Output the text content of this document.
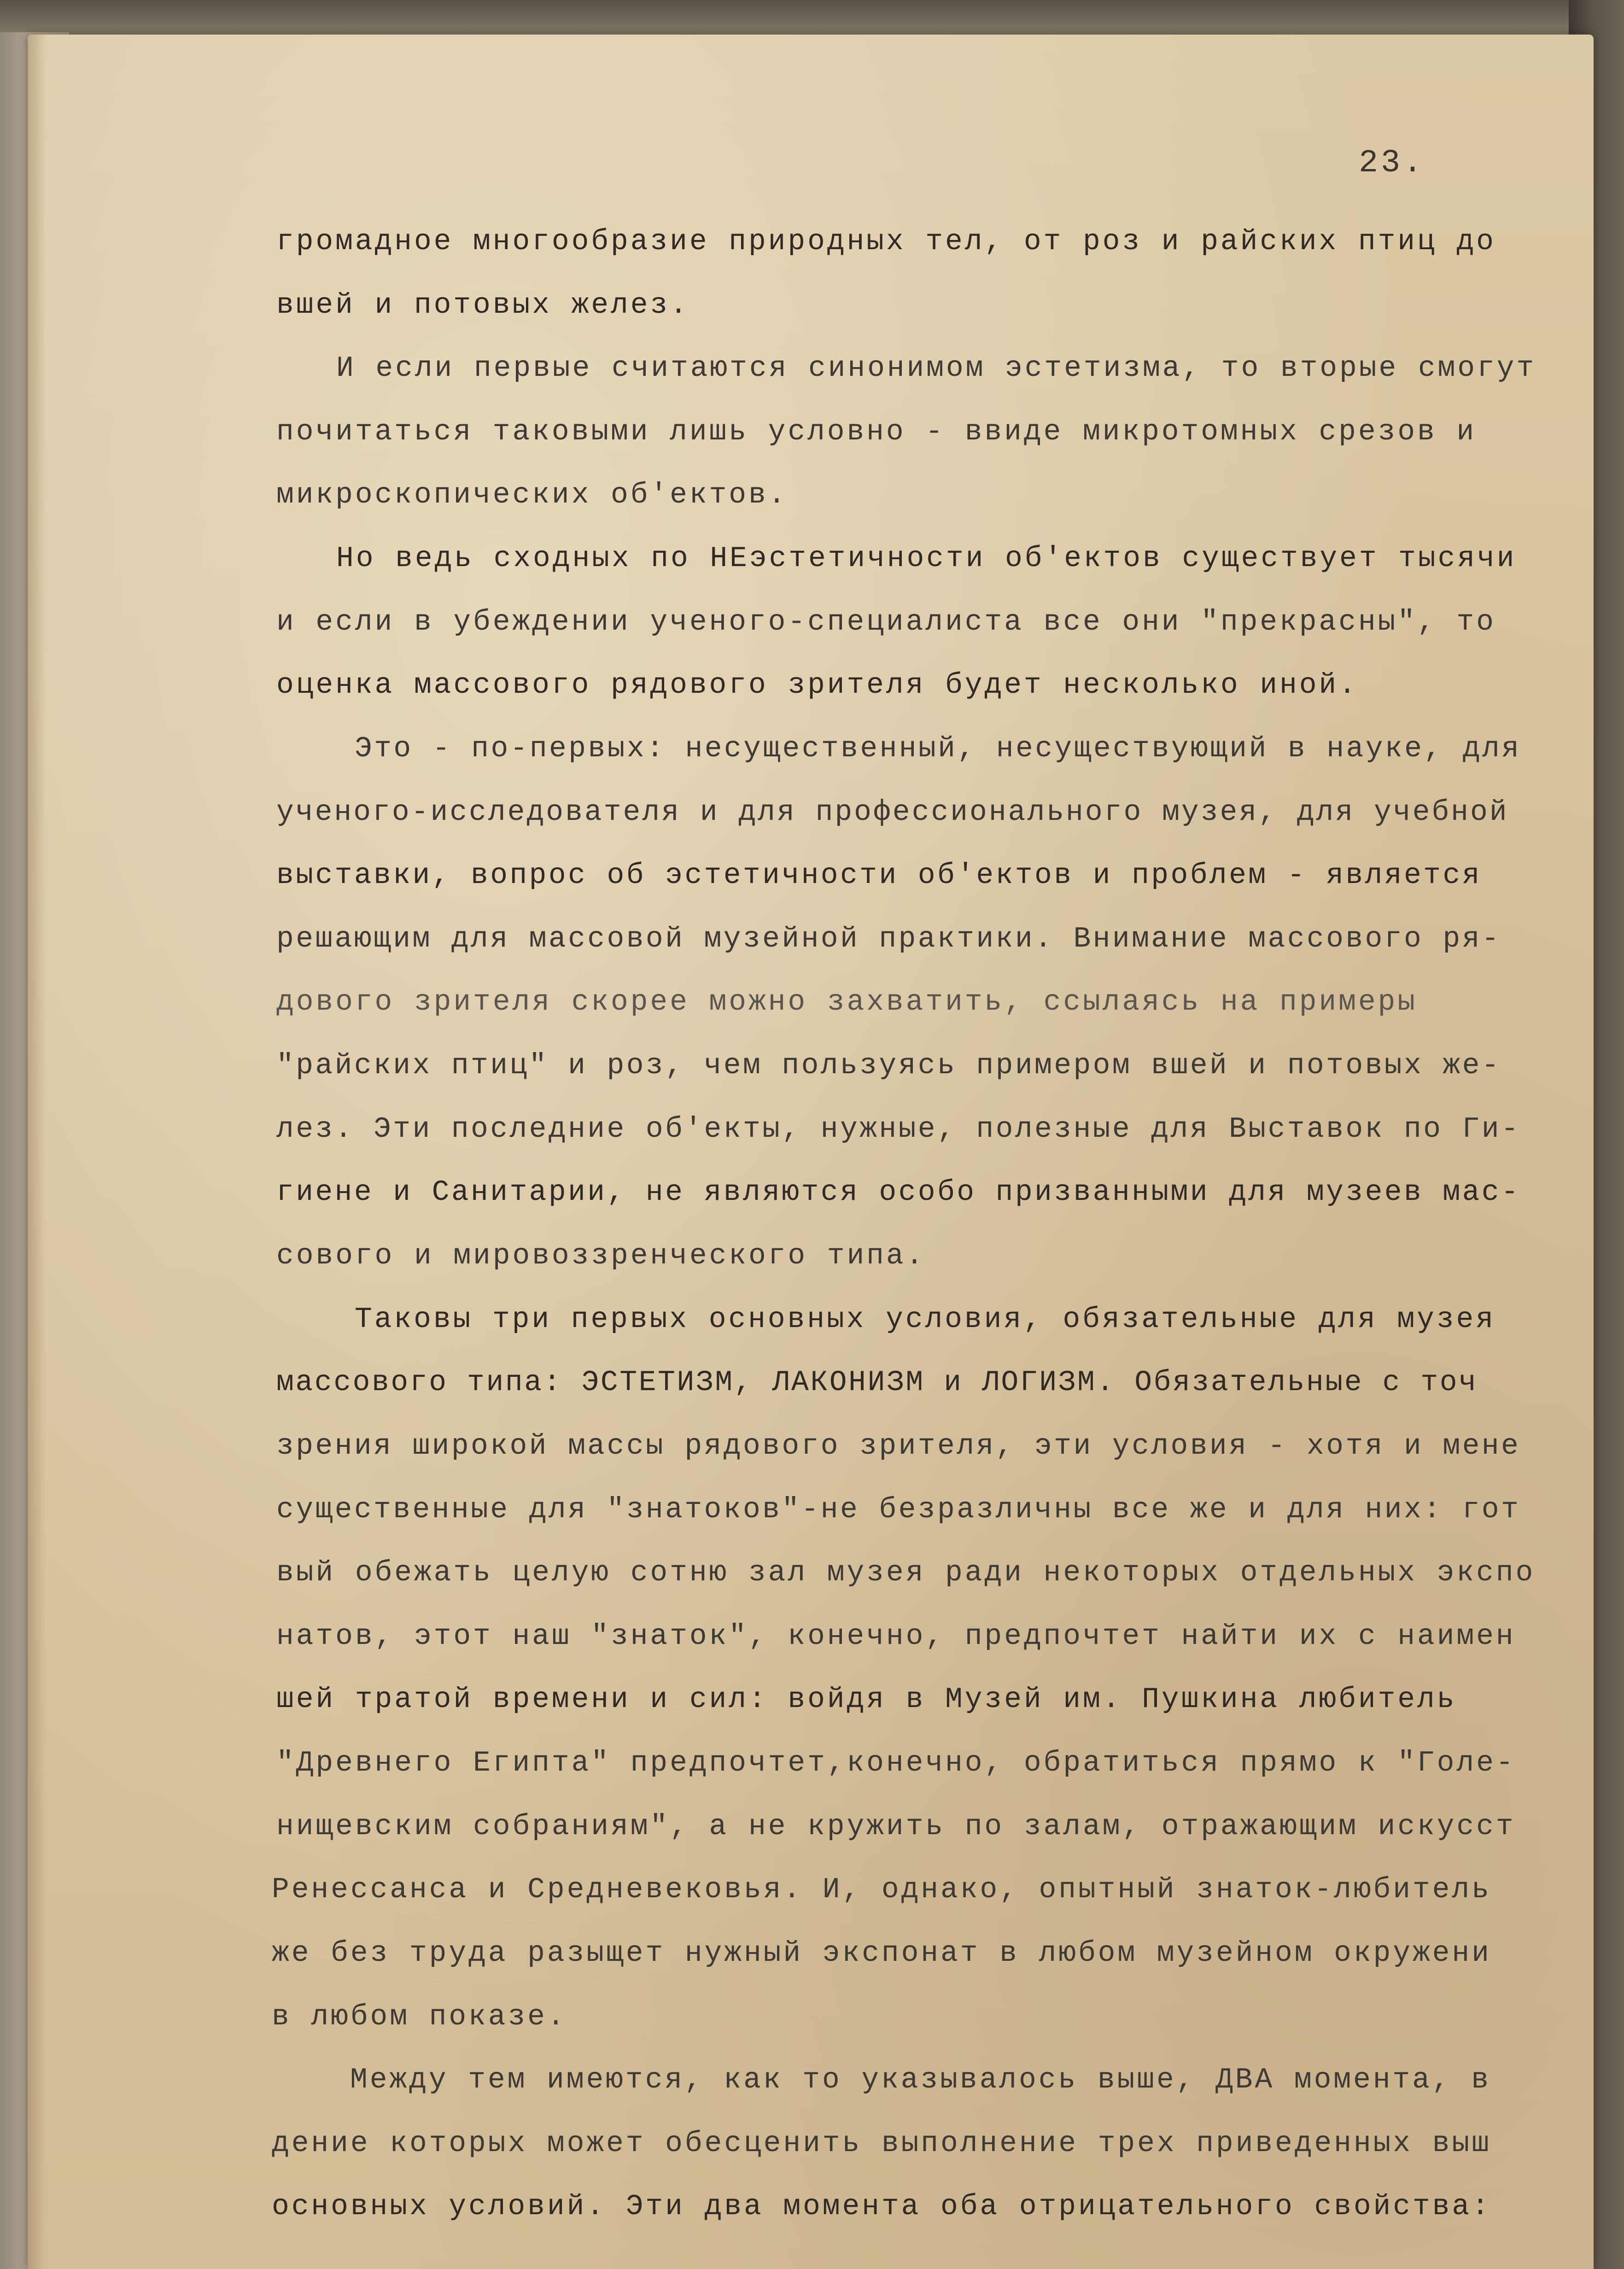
23.
громадное многообразие природных тел, от роз и райских птиц до
вшей и потовых желез.
И если первые считаются синонимом эстетизма, то вторые смогут
почитаться таковыми лишь условно - ввиде микротомных срезов и
микроскопических об'ектов.
Но ведь сходных по НЕэстетичности об'ектов существует тысячи
и если в убеждении ученого-специалиста все они "прекрасны", то
оценка массового рядового зрителя будет несколько иной.
Это - по-первых: несущественный, несуществующий в науке, для
ученого-исследователя и для профессионального музея, для учебной
выставки, вопрос об эстетичности об'ектов и проблем - является
решающим для массовой музейной практики. Внимание массового ря-
дового зрителя скорее можно захватить, ссылаясь на примеры
"райских птиц" и роз, чем пользуясь примером вшей и потовых же-
лез. Эти последние об'екты, нужные, полезные для Выставок по Ги-
гиене и Санитарии, не являются особо призванными для музеев мас-
сового и мировоззренческого типа.
Таковы три первых основных условия, обязательные для музея
массового типа: ЭСТЕТИЗМ, ЛАКОНИЗМ и ЛОГИЗМ. Обязательные с точ
зрения широкой массы рядового зрителя, эти условия - хотя и мене
существенные для "знатоков"-не безразличны все же и для них: гот
вый обежать целую сотню зал музея ради некоторых отдельных экспо
натов, этот наш "знаток", конечно, предпочтет найти их с наимен
шей тратой времени и сил: войдя в Музей им. Пушкина любитель
"Древнего Египта" предпочтет,конечно, обратиться прямо к "Голе-
нищевским собраниям", а не кружить по залам, отражающим искусст
Ренессанса и Средневековья. И, однако, опытный знаток-любитель
же без труда разыщет нужный экспонат в любом музейном окружени
в любом показе.
Между тем имеются, как то указывалось выше, ДВА момента, в
дение которых может обесценить выполнение трех приведенных выш
основных условий. Эти два момента оба отрицательного свойства:
